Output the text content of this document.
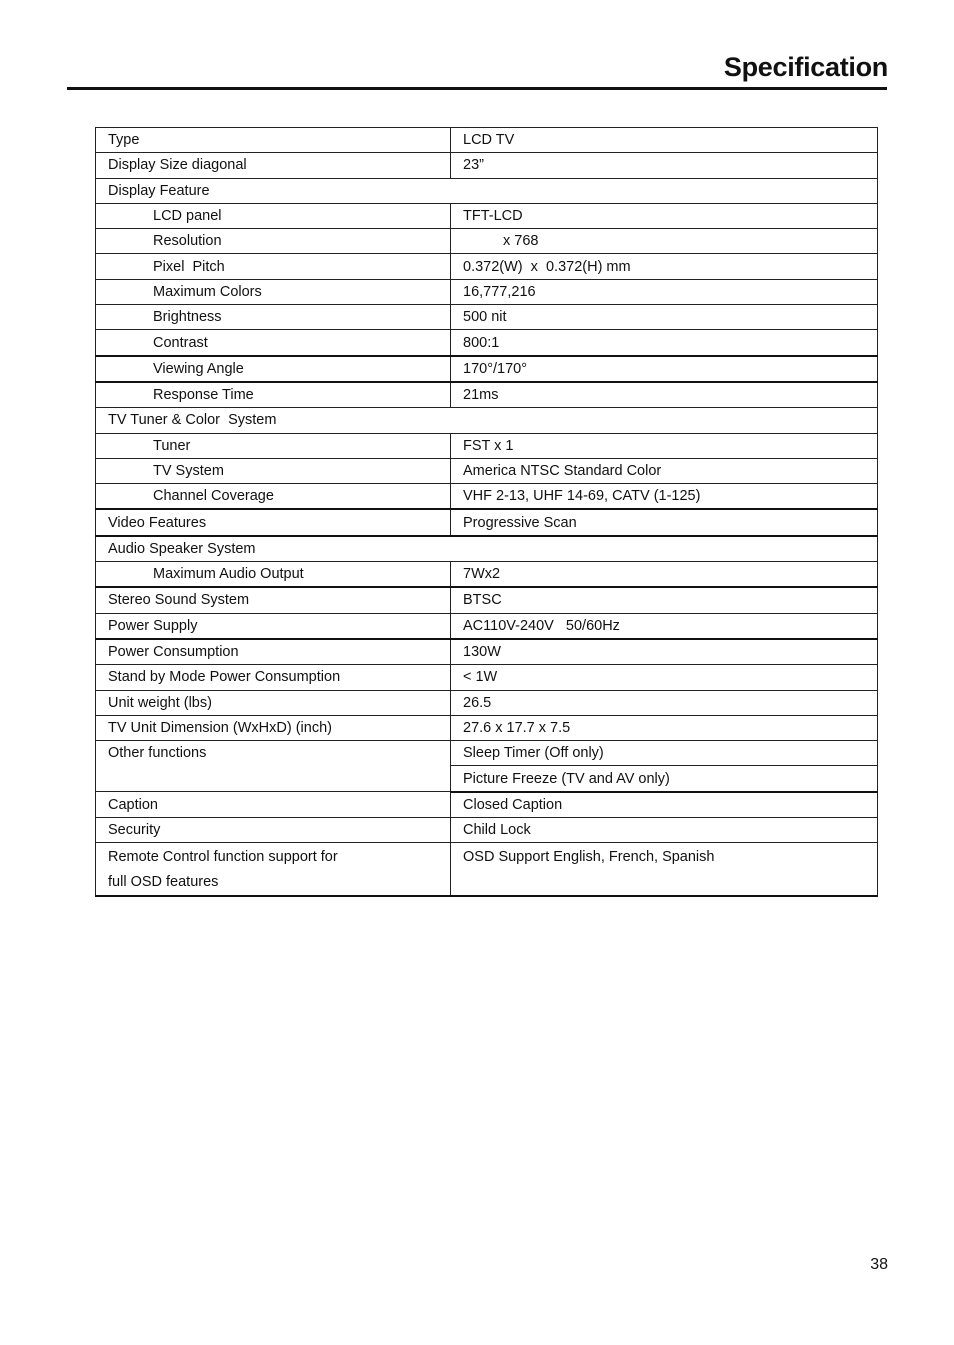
Specification
Type	LCD TV
Display Size diagonal	23”
Display Feature	
LCD panel	TFT-LCD
Resolution	x 768
Pixel  Pitch	0.372(W)  x  0.372(H) mm
Maximum Colors	16,777,216
Brightness	500 nit
Contrast	800:1
Viewing Angle	170°/170°
Response Time	21ms
TV Tuner & Color  System	
Tuner	FST x 1
TV System	America NTSC Standard Color
Channel Coverage	VHF 2-13, UHF 14-69, CATV (1-125)
Video Features	Progressive Scan
Audio Speaker System	
Maximum Audio Output	7Wx2
Stereo Sound System	BTSC
Power Supply	AC110V-240V   50/60Hz
Power Consumption	130W
Stand by Mode Power Consumption	< 1W
Unit weight (lbs)	26.5
TV Unit Dimension (WxHxD) (inch)	27.6 x 17.7 x 7.5
Other functions	Sleep Timer (Off only)
	Picture Freeze (TV and AV only)
Caption	Closed Caption
Security	Child Lock

Remote Control function support for
full OSD features	OSD Support English, French, Spanish
38
